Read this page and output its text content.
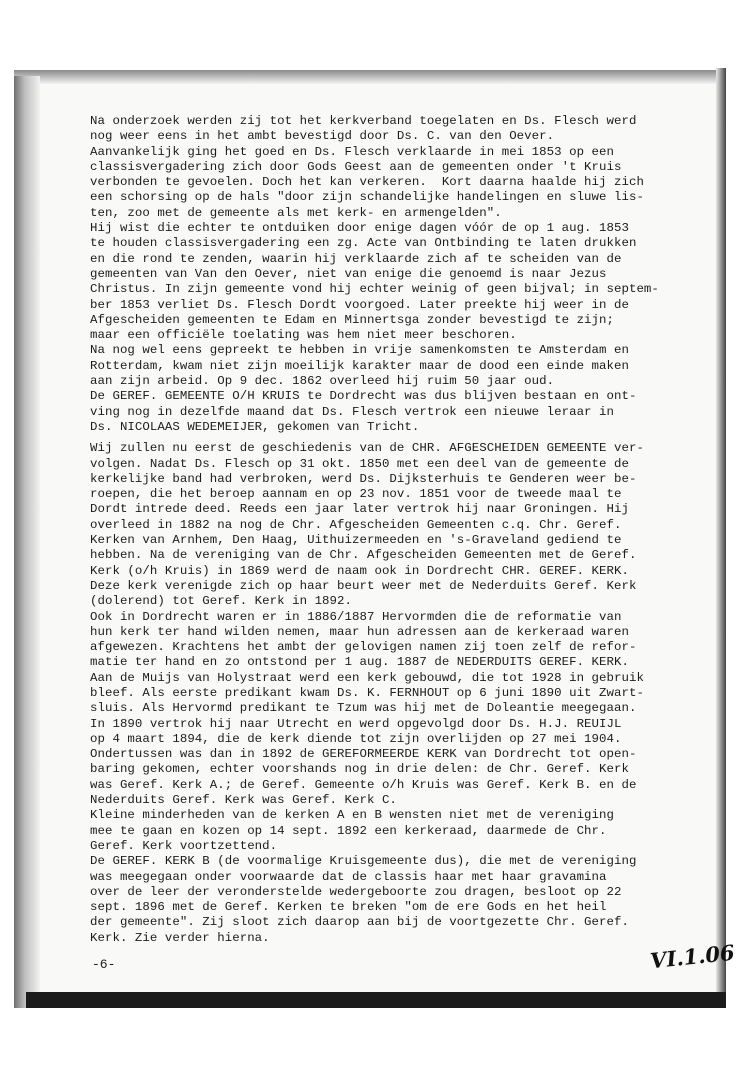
Na onderzoek werden zij tot het kerkverband toegelaten en Ds. Flesch werd
nog weer eens in het ambt bevestigd door Ds. C. van den Oever.
Aanvankelijk ging het goed en Ds. Flesch verklaarde in mei 1853 op een
classisvergadering zich door Gods Geest aan de gemeenten onder 't Kruis
verbonden te gevoelen. Doch het kan verkeren.  Kort daarna haalde hij zich
een schorsing op de hals "door zijn schandelijke handelingen en sluwe lis-
ten, zoo met de gemeente als met kerk- en armengelden".
Hij wist die echter te ontduiken door enige dagen vóór de op 1 aug. 1853
te houden classisvergadering een zg. Acte van Ontbinding te laten drukken
en die rond te zenden, waarin hij verklaarde zich af te scheiden van de
gemeenten van Van den Oever, niet van enige die genoemd is naar Jezus
Christus. In zijn gemeente vond hij echter weinig of geen bijval; in septem-
ber 1853 verliet Ds. Flesch Dordt voorgoed. Later preekte hij weer in de
Afgescheiden gemeenten te Edam en Minnertsga zonder bevestigd te zijn;
maar een officiële toelating was hem niet meer beschoren.
Na nog wel eens gepreekt te hebben in vrije samenkomsten te Amsterdam en
Rotterdam, kwam niet zijn moeilijk karakter maar de dood een einde maken
aan zijn arbeid. Op 9 dec. 1862 overleed hij ruim 50 jaar oud.
De GEREF. GEMEENTE O/H KRUIS te Dordrecht was dus blijven bestaan en ont-
ving nog in dezelfde maand dat Ds. Flesch vertrok een nieuwe leraar in
Ds. NICOLAAS WEDEMEIJER, gekomen van Tricht.
Wij zullen nu eerst de geschiedenis van de CHR. AFGESCHEIDEN GEMEENTE ver-
volgen. Nadat Ds. Flesch op 31 okt. 1850 met een deel van de gemeente de
kerkelijke band had verbroken, werd Ds. Dijksterhuis te Genderen weer be-
roepen, die het beroep aannam en op 23 nov. 1851 voor de tweede maal te
Dordt intrede deed. Reeds een jaar later vertrok hij naar Groningen. Hij
overleed in 1882 na nog de Chr. Afgescheiden Gemeenten c.q. Chr. Geref.
Kerken van Arnhem, Den Haag, Uithuizermeeden en 's-Graveland gediend te
hebben. Na de vereniging van de Chr. Afgescheiden Gemeenten met de Geref.
Kerk (o/h Kruis) in 1869 werd de naam ook in Dordrecht CHR. GEREF. KERK.
Deze kerk verenigde zich op haar beurt weer met de Nederduits Geref. Kerk
(dolerend) tot Geref. Kerk in 1892.
Ook in Dordrecht waren er in 1886/1887 Hervormden die de reformatie van
hun kerk ter hand wilden nemen, maar hun adressen aan de kerkeraad waren
afgewezen. Krachtens het ambt der gelovigen namen zij toen zelf de refor-
matie ter hand en zo ontstond per 1 aug. 1887 de NEDERDUITS GEREF. KERK.
Aan de Muijs van Holystraat werd een kerk gebouwd, die tot 1928 in gebruik
bleef. Als eerste predikant kwam Ds. K. FERNHOUT op 6 juni 1890 uit Zwart-
sluis. Als Hervormd predikant te Tzum was hij met de Doleantie meegegaan.
In 1890 vertrok hij naar Utrecht en werd opgevolgd door Ds. H.J. REUIJL
op 4 maart 1894, die de kerk diende tot zijn overlijden op 27 mei 1904.
Ondertussen was dan in 1892 de GEREFORMEERDE KERK van Dordrecht tot open-
baring gekomen, echter voorshands nog in drie delen: de Chr. Geref. Kerk
was Geref. Kerk A.; de Geref. Gemeente o/h Kruis was Geref. Kerk B. en de
Nederduits Geref. Kerk was Geref. Kerk C.
Kleine minderheden van de kerken A en B wensten niet met de vereniging
mee te gaan en kozen op 14 sept. 1892 een kerkeraad, daarmede de Chr.
Geref. Kerk voortzettend.
De GEREF. KERK B (de voormalige Kruisgemeente dus), die met de vereniging
was meegegaan onder voorwaarde dat de classis haar met haar gravamina
over de leer der veronderstelde wedergeboorte zou dragen, besloot op 22
sept. 1896 met de Geref. Kerken te breken "om de ere Gods en het heil
der gemeente". Zij sloot zich daarop aan bij de voortgezette Chr. Geref.
Kerk. Zie verder hierna.
-6-	VI.1.06
